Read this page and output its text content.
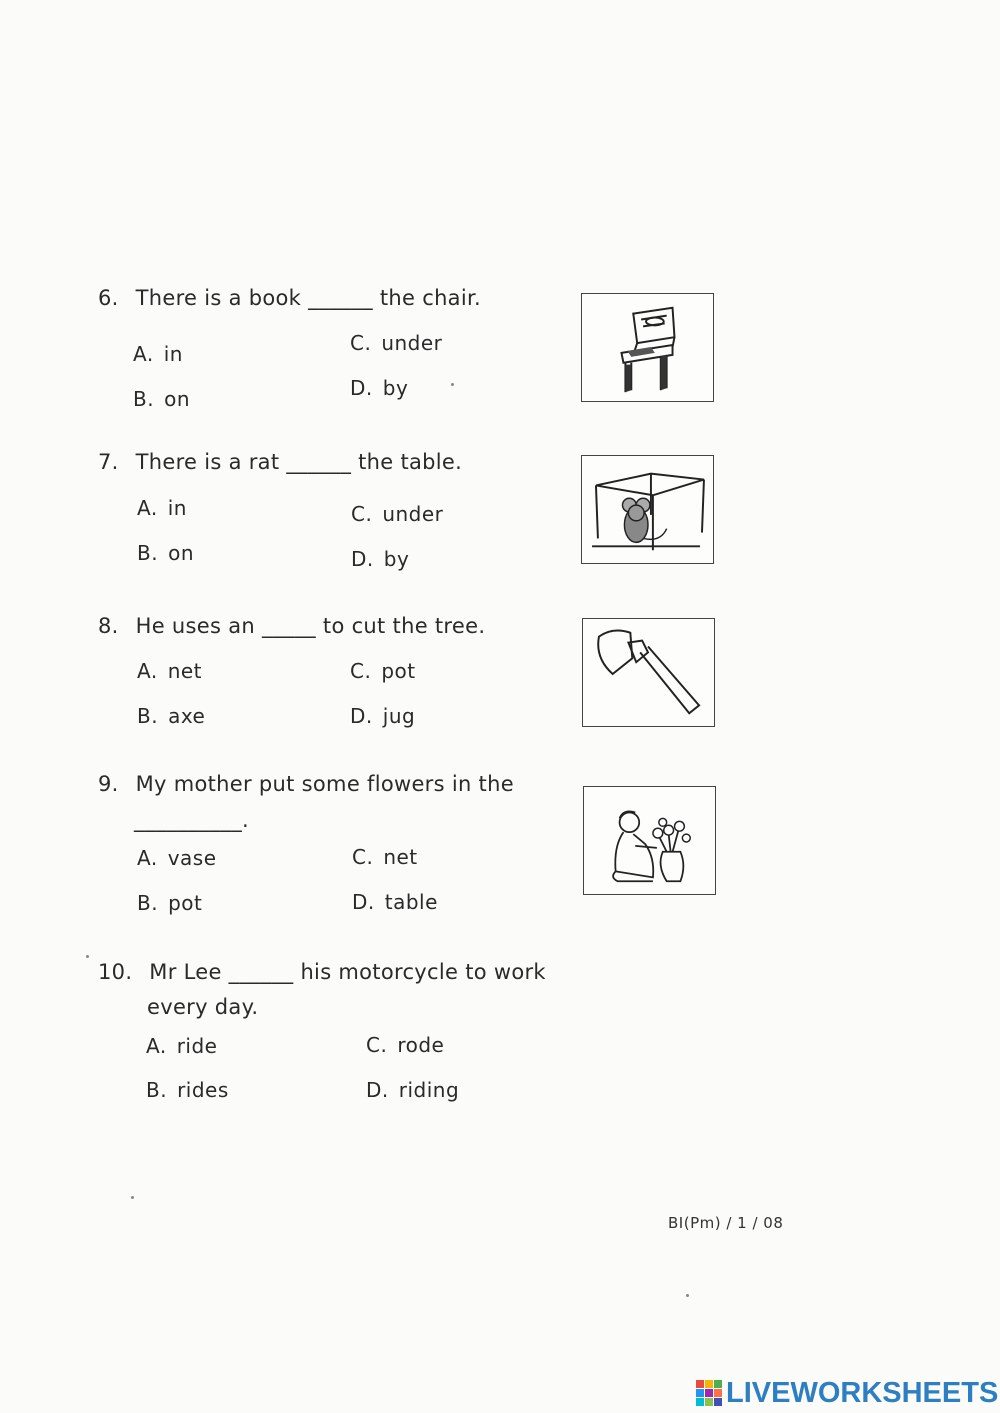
6. There is a book ______ the chair.
A. in
B. on
C. under
D. by
7. There is a rat ______ the table.
A. in
B. on
C. under
D. by
8. He uses an _____ to cut the tree.
A. net
B. axe
C. pot
D. jug
9. My mother put some flowers in the
__________.
A. vase
B. pot
C. net
D. table
10. Mr Lee ______ his motorcycle to work
every day.
A. ride
B. rides
C. rode
D. riding
BI(Pm) / 1 / 08
LIVEWORKSHEETS
